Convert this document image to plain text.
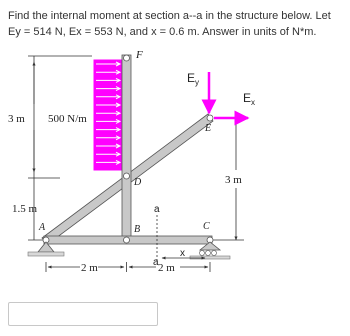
Find the internal moment at section a--a in the structure below. Let Ey = 514 N, Ex = 553 N, and x = 0.6 m. Answer in units of N*m.

F
$E_y$
$E_x$
E
D
A	B	C
a
a
x
3 m 500 N/m
1.5 m
3 m
2 m	2 m
